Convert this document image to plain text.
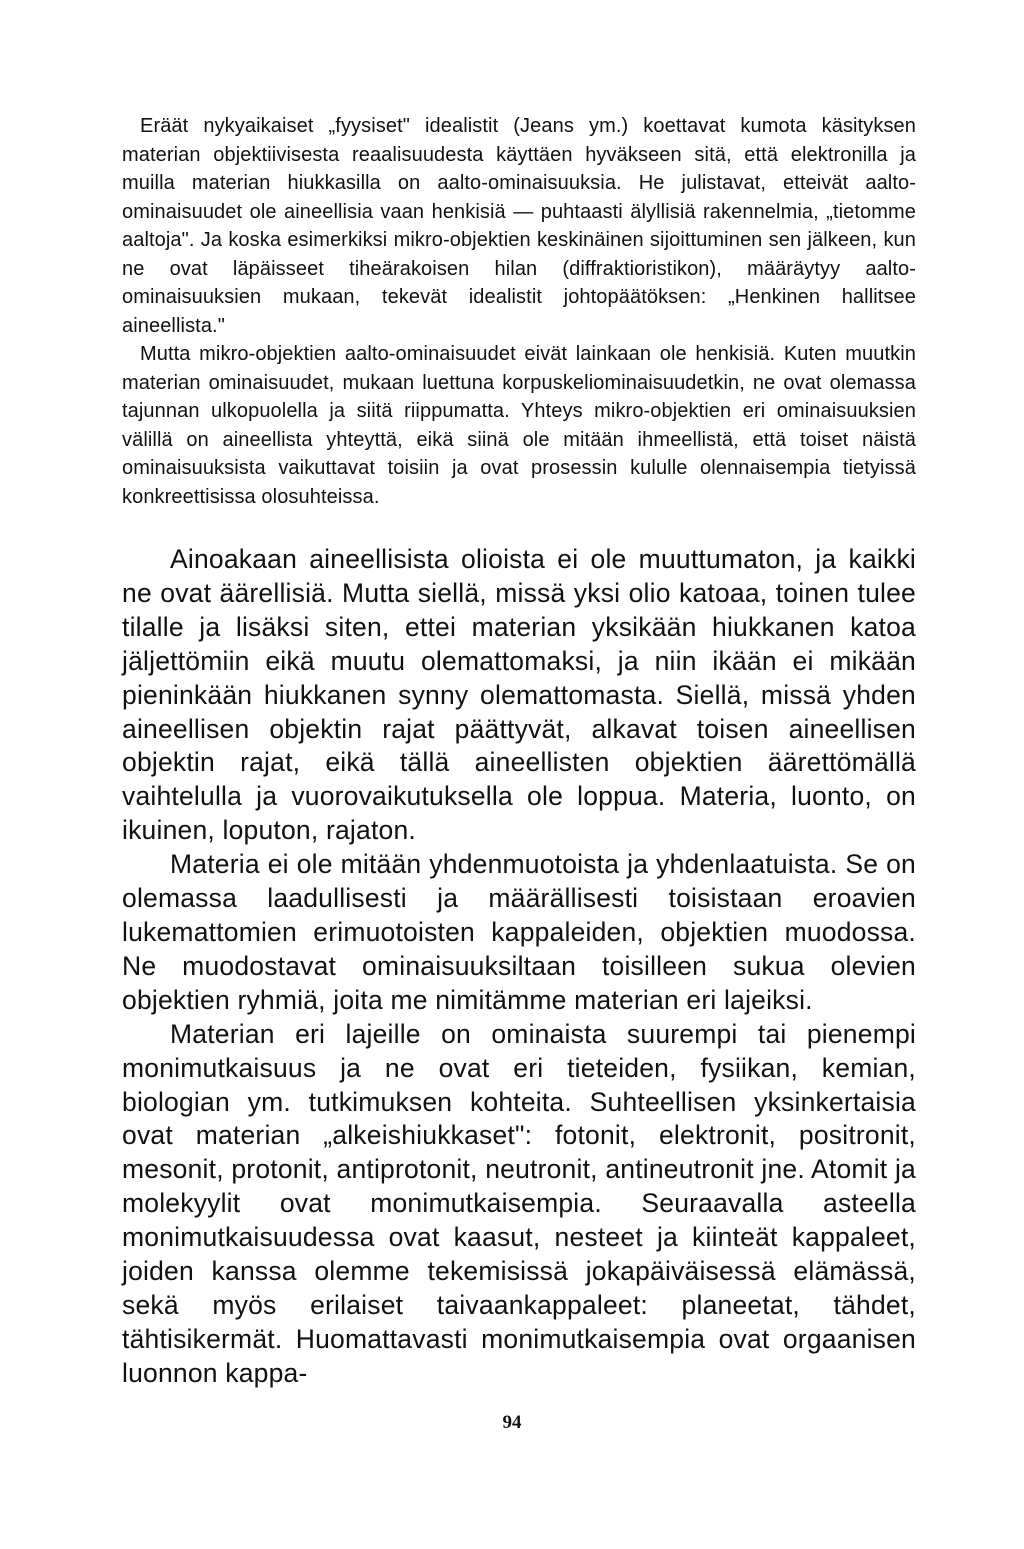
Eräät nykyaikaiset „fyysiset" idealistit (Jeans ym.) koettavat kumota käsityksen materian objektiivisesta reaalisuudesta käyttäen hyväkseen sitä, että elektronilla ja muilla materian hiukkasilla on aalto-ominaisuuksia. He julistavat, etteivät aalto-ominaisuudet ole aineellisia vaan henkisiä — puhtaasti älyllisiä rakennelmia, „tietomme aaltoja". Ja koska esimerkiksi mikro-objektien keskinäinen sijoittuminen sen jälkeen, kun ne ovat läpäisseet tiheärakoisen hilan (diffraktioristikon), määräytyy aalto-ominaisuuksien mukaan, tekevät idealistit johtopäätöksen: „Henkinen hallitsee aineellista."

Mutta mikro-objektien aalto-ominaisuudet eivät lainkaan ole henkisiä. Kuten muutkin materian ominaisuudet, mukaan luettuna korpuskeliominaisuudetkin, ne ovat olemassa tajunnan ulkopuolella ja siitä riippumatta. Yhteys mikro-objektien eri ominaisuuksien välillä on aineellista yhteyttä, eikä siinä ole mitään ihmeellistä, että toiset näistä ominaisuuksista vaikuttavat toisiin ja ovat prosessin kululle olennaisempia tietyissä konkreettisissa olosuhteissa.

Ainoakaan aineellisista olioista ei ole muuttumaton, ja kaikki ne ovat äärellisiä. Mutta siellä, missä yksi olio katoaa, toinen tulee tilalle ja lisäksi siten, ettei materian yksikään hiukkanen katoa jäljettömiin eikä muutu olemattomaksi, ja niin ikään ei mikään pieninkään hiukkanen synny olemattomasta. Siellä, missä yhden aineellisen objektin rajat päättyvät, alkavat toisen aineellisen objektin rajat, eikä tällä aineellisten objektien äärettömällä vaihtelulla ja vuorovaikutuksella ole loppua. Materia, luonto, on ikuinen, loputon, rajaton.

Materia ei ole mitään yhdenmuotoista ja yhdenlaatuista. Se on olemassa laadullisesti ja määrällisesti toisistaan eroavien lukemattomien erimuotoisten kappaleiden, objektien muodossa. Ne muodostavat ominaisuuksiltaan toisilleen sukua olevien objektien ryhmiä, joita me nimitämme materian eri lajeiksi.

Materian eri lajeille on ominaista suurempi tai pienempi monimutkaisuus ja ne ovat eri tieteiden, fysiikan, kemian, biologian ym. tutkimuksen kohteita. Suhteellisen yksinkertaisia ovat materian „alkeishiukkaset": fotonit, elektronit, positronit, mesonit, protonit, antiprotonit, neutronit, antineutronit jne. Atomit ja molekyylit ovat monimutkaisempia. Seuraavalla asteella monimutkaisuudessa ovat kaasut, nesteet ja kiinteät kappaleet, joiden kanssa olemme tekemisissä jokapäiväisessä elämässä, sekä myös erilaiset taivaankappaleet: planeetat, tähdet, tähtisikermät. Huomattavasti monimutkaisempia ovat orgaanisen luonnon kappa-

94
